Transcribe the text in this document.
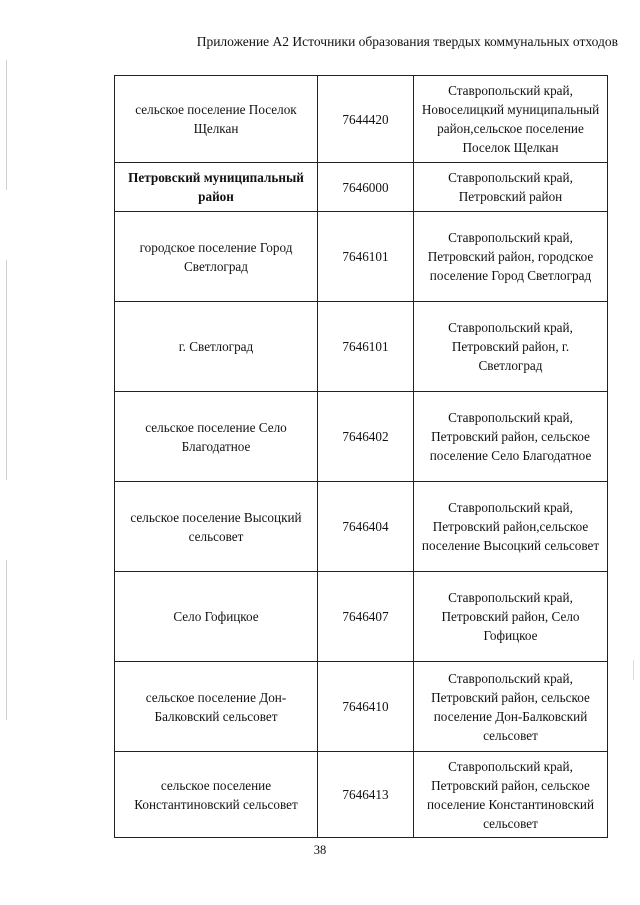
Приложение А2 Источники образования твердых коммунальных отходов
сельское поселение Поселок Щелкан	7644420	Ставропольский край, Новоселицкий муниципальный район,сельское поселение Поселок Щелкан
Петровский муниципальный район	7646000	Ставропольский край, Петровский район
городское поселение Город Светлоград	7646101	Ставропольский край, Петровский район, городское поселение Город Светлоград
г. Светлоград	7646101	Ставропольский край, Петровский район, г. Светлоград
сельское поселение Село Благодатное	7646402	Ставропольский край, Петровский район, сельское поселение Село Благодатное
сельское поселение Высоцкий сельсовет	7646404	Ставропольский край, Петровский район,сельское поселение Высоцкий сельсовет
Село Гофицкое	7646407	Ставропольский край, Петровский район, Село Гофицкое
сельское поселение Дон-Балковский сельсовет	7646410	Ставропольский край, Петровский район, сельское поселение Дон-Балковский сельсовет
сельское поселение Константиновский сельсовет	7646413	Ставропольский край, Петровский район, сельское поселение Константиновский сельсовет
38
